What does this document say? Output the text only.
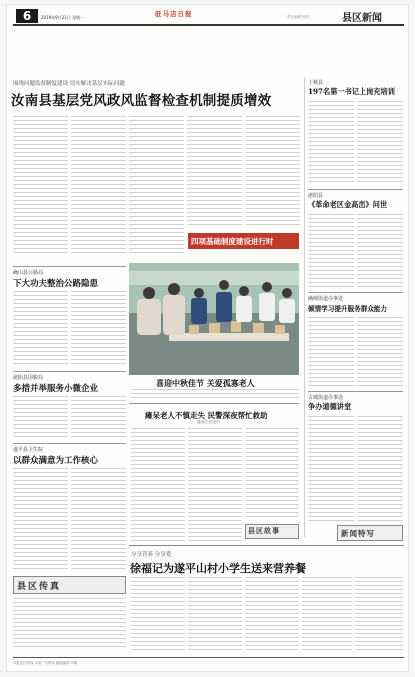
6	2019年9月21日 星期一	驻马店日报	责任编辑 校对	县区新闻
围绕问题监督制度建设 切实解决基层实际问题
汝南县基层党风政风监督检查机制提质增效
四项基础制度建设进行时
确山县公路局
下大功夫整治公路隐患
泌阳县国税局
多措并举服务小微企业
遂平县卫生院
以群众满意为工作核心
县区传真
喜迎中秋佳节 关爱孤寡老人
瘫呆老人不慎走失 民警深夜帮忙救助
通讯员 任发中
县区故事
上蔡县
197名第一书记上岗充培训
泌阳县
《革命老区金高峦》问世
确城街道办事处
倾情学习提升服务群众能力
古城街道办事处
争办道德讲堂
新闻特写
分享营养 分享爱
徐福记为遂平山村小学生送来营养餐
本报发行热线 本报广告热线 邮政编码 印刷
